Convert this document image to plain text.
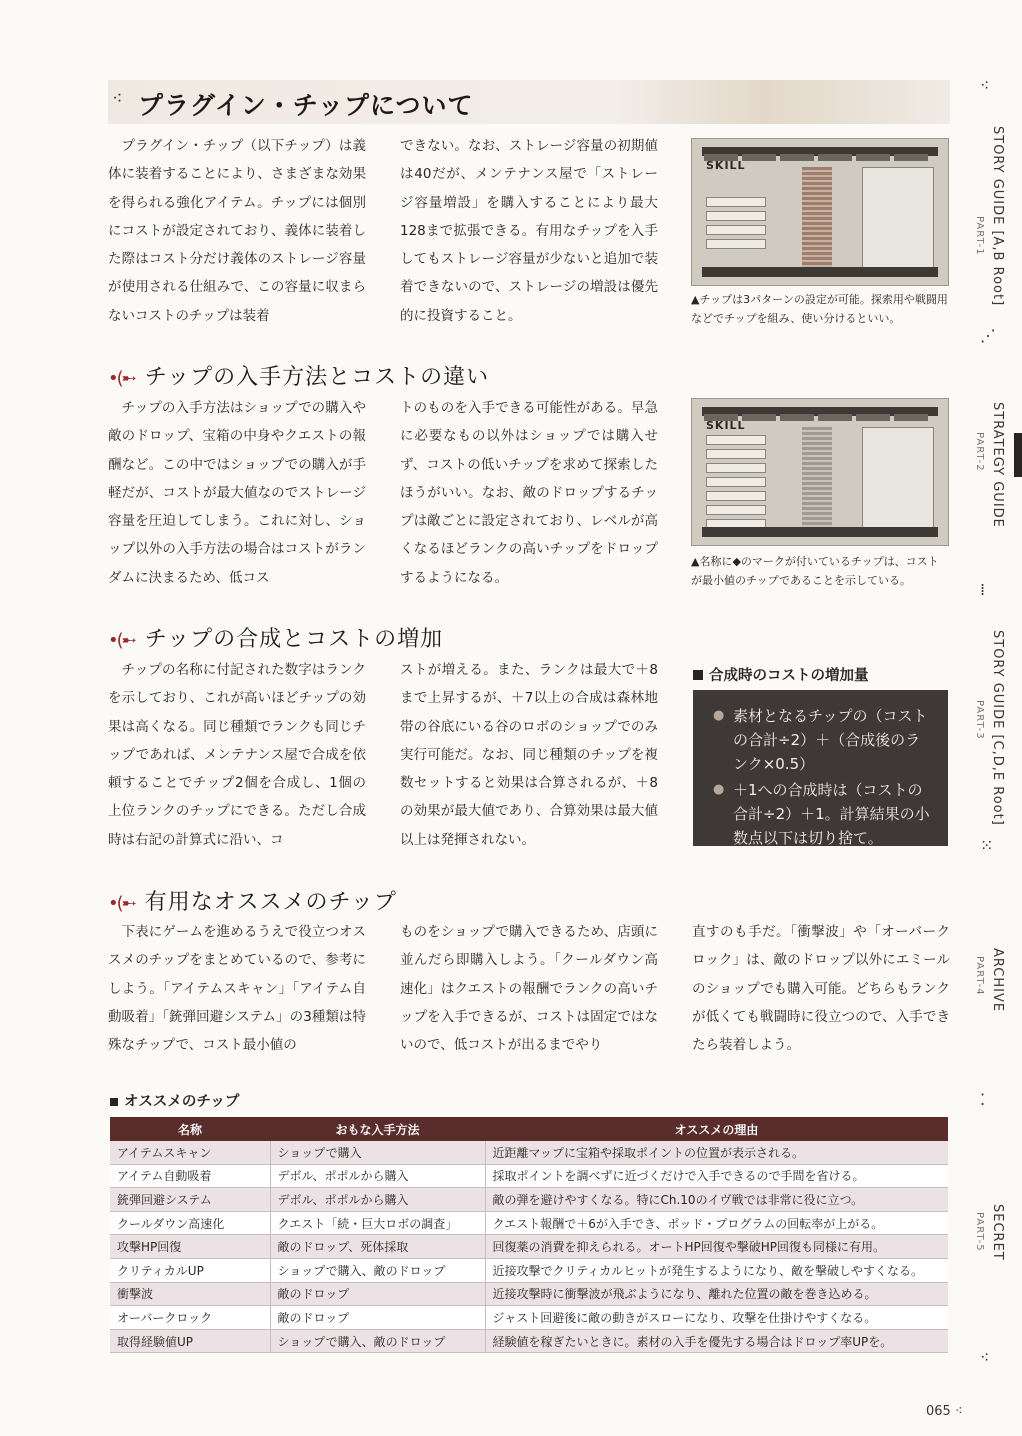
⁖ プラグイン・チップについて

プラグイン・チップ（以下チップ）は義体に装着することにより、さまざまな効果を得られる強化アイテム。チップには個別にコストが設定されており、義体に装着した際はコスト分だけ義体のストレージ容量が使用される仕組みで、この容量に収まらないコストのチップは装着

できない。なお、ストレージ容量の初期値は40だが、メンテナンス屋で「ストレージ容量増設」を購入することにより最大128まで拡張できる。有用なチップを入手してもストレージ容量が少ないと追加で装着できないので、ストレージの増設は優先的に投資すること。

SKILL
▲チップは3パターンの設定が可能。探索用や戦闘用などでチップを組み、使い分けるといい。
•(➸ チップの入手方法とコストの違い

チップの入手方法はショップでの購入や敵のドロップ、宝箱の中身やクエストの報酬など。この中ではショップでの購入が手軽だが、コストが最大値なのでストレージ容量を圧迫してしまう。これに対し、ショップ以外の入手方法の場合はコストがランダムに決まるため、低コス

トのものを入手できる可能性がある。早急に必要なもの以外はショップでは購入せず、コストの低いチップを求めて探索したほうがいい。なお、敵のドロップするチップは敵ごとに設定されており、レベルが高くなるほどランクの高いチップをドロップするようになる。

SKILL
▲名称に◆のマークが付いているチップは、コストが最小値のチップであることを示している。
•(➸ チップの合成とコストの増加

チップの名称に付記された数字はランクを示しており、これが高いほどチップの効果は高くなる。同じ種類でランクも同じチップであれば、メンテナンス屋で合成を依頼することでチップ2個を合成し、1個の上位ランクのチップにできる。ただし合成時は右記の計算式に沿い、コ

ストが増える。また、ランクは最大で＋8まで上昇するが、＋7以上の合成は森林地帯の谷底にいる谷のロボのショップでのみ実行可能だ。なお、同じ種類のチップを複数セットすると効果は合算されるが、＋8の効果が最大値であり、合算効果は最大値以上は発揮されない。

合成時のコストの増加量
● 素材となるチップの（コストの合計÷2）＋（合成後のランク×0.5）
● ＋1への合成時は（コストの合計÷2）＋1。計算結果の小数点以下は切り捨て。
•(➸ 有用なオススメのチップ

下表にゲームを進めるうえで役立つオススメのチップをまとめているので、参考にしよう。「アイテムスキャン」「アイテム自動吸着」「銃弾回避システム」の3種類は特殊なチップで、コスト最小値の

ものをショップで購入できるため、店頭に並んだら即購入しよう。「クールダウン高速化」はクエストの報酬でランクの高いチップを入手できるが、コストは固定ではないので、低コストが出るまでやり

直すのも手だ。「衝撃波」や「オーバークロック」は、敵のドロップ以外にエミールのショップでも購入可能。どちらもランクが低くても戦闘時に役立つので、入手できたら装着しよう。

オススメのチップ
名称	おもな入手方法	オススメの理由
アイテムスキャン	ショップで購入	近距離マップに宝箱や採取ポイントの位置が表示される。
アイテム自動吸着	デボル、ポポルから購入	採取ポイントを調べずに近づくだけで入手できるので手間を省ける。
銃弾回避システム	デボル、ポポルから購入	敵の弾を避けやすくなる。特にCh.10のイヴ戦では非常に役に立つ。
クールダウン高速化	クエスト「続・巨大ロボの調査」	クエスト報酬で＋6が入手でき、ポッド・プログラムの回転率が上がる。
攻撃HP回復	敵のドロップ、死体採取	回復薬の消費を抑えられる。オートHP回復や撃破HP回復も同様に有用。
クリティカルUP	ショップで購入、敵のドロップ	近接攻撃でクリティカルヒットが発生するようになり、敵を撃破しやすくなる。
衝撃波	敵のドロップ	近接攻撃時に衝撃波が飛ぶようになり、離れた位置の敵を巻き込める。
オーバークロック	敵のドロップ	ジャスト回避後に敵の動きがスローになり、攻撃を仕掛けやすくなる。
取得経験値UP	ショップで購入、敵のドロップ	経験値を稼ぎたいときに。素材の入手を優先する場合はドロップ率UPを。
⁖
STORY GUIDE [A,B Root]
PART-1
⋰
STRATEGY GUIDE
PART-2
⁞
STORY GUIDE [C,D,E Root]
PART-3
⁙
ARCHIVE
PART-4
⁚
SECRET
PART-5
⁖
065 ⁖
